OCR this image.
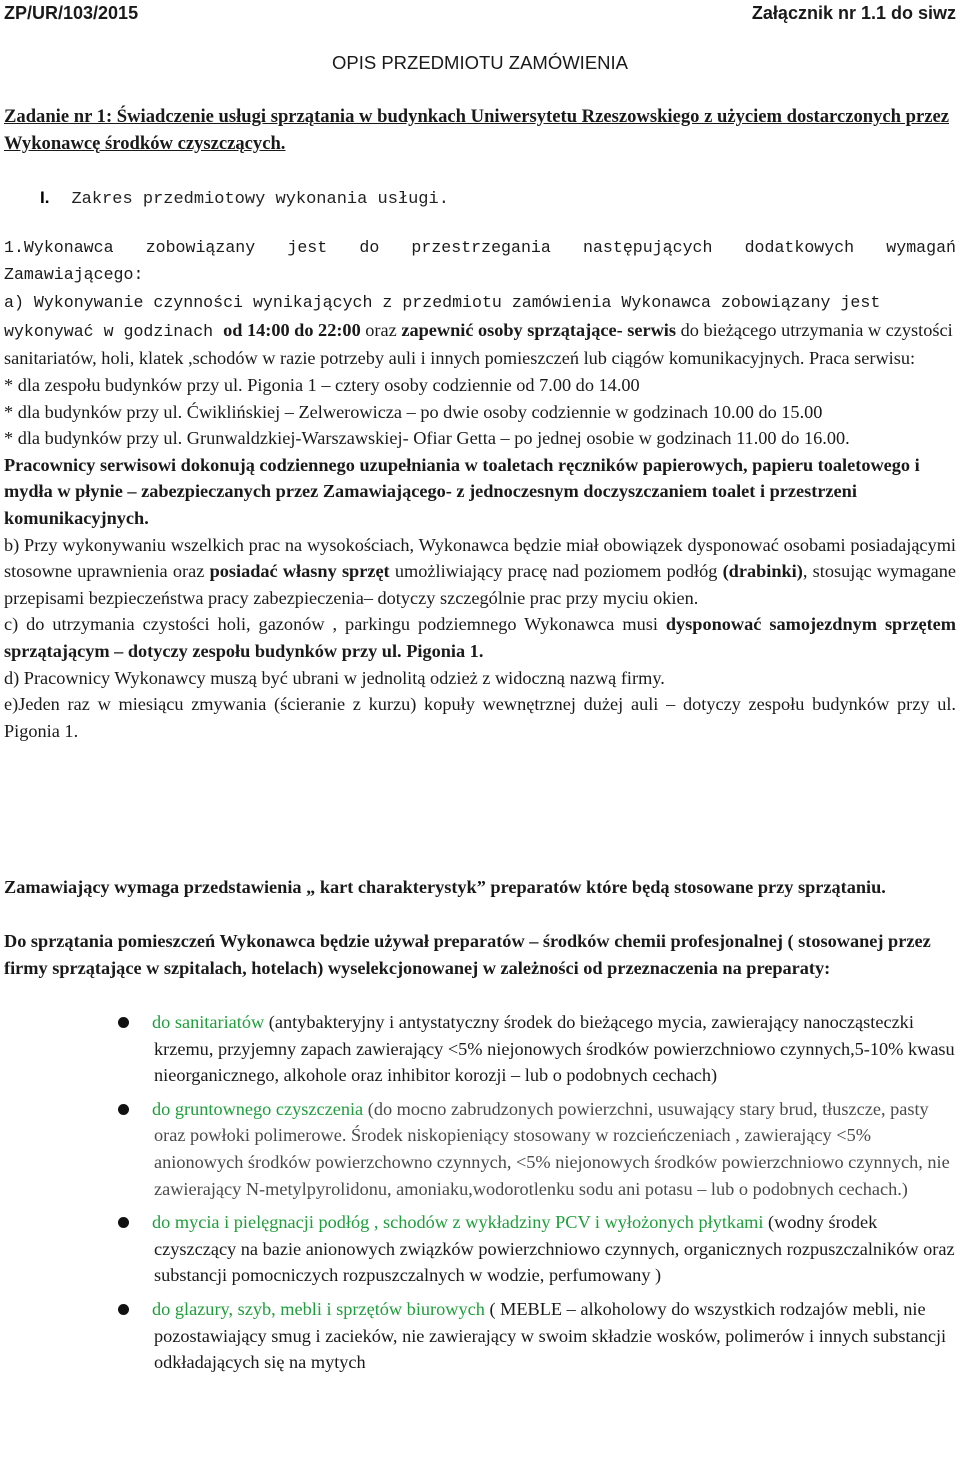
ZP/UR/103/2015	Załącznik nr 1.1 do siwz
OPIS PRZEDMIOTU ZAMÓWIENIA
Zadanie nr 1: Świadczenie usługi sprzątania w budynkach Uniwersytetu Rzeszowskiego z użyciem dostarczonych przez Wykonawcę środków czyszczących.
I. Zakres przedmiotowy wykonania usługi.
1.Wykonawca zobowiązany jest do przestrzegania następujących dodatkowych wymagań
Zamawiającego:

a) Wykonywanie czynności wynikających z przedmiotu zamówienia Wykonawca zobowiązany jest wykonywać w godzinach od 14:00 do 22:00 oraz zapewnić osoby sprzątające- serwis do bieżącego utrzymania w czystości sanitariatów, holi, klatek ,schodów w razie potrzeby auli i innych pomieszczeń lub ciągów komunikacyjnych. Praca serwisu:

* dla zespołu budynków przy ul. Pigonia 1 – cztery osoby codziennie od 7.00 do 14.00
* dla budynków przy ul. Ćwiklińskiej – Zelwerowicza – po dwie osoby codziennie w godzinach 10.00 do 15.00
* dla budynków przy ul. Grunwaldzkiej-Warszawskiej- Ofiar Getta – po jednej osobie w godzinach 11.00 do 16.00.

Pracownicy serwisowi dokonują codziennego uzupełniania w toaletach ręczników papierowych, papieru toaletowego i mydła w płynie – zabezpieczanych przez Zamawiającego- z jednoczesnym doczyszczaniem toalet i przestrzeni komunikacyjnych.

b) Przy wykonywaniu wszelkich prac na wysokościach, Wykonawca będzie miał obowiązek dysponować osobami posiadającymi stosowne uprawnienia oraz posiadać własny sprzęt umożliwiający pracę nad poziomem podłóg (drabinki), stosując wymagane przepisami bezpieczeństwa pracy zabezpieczenia– dotyczy szczególnie prac przy myciu okien.

c) do utrzymania czystości holi, gazonów , parkingu podziemnego Wykonawca musi dysponować samojezdnym sprzętem sprzątającym – dotyczy zespołu budynków przy ul. Pigonia 1.

d) Pracownicy Wykonawcy muszą być ubrani w jednolitą odzież z widoczną nazwą firmy.

e)Jeden raz w miesiącu zmywania (ścieranie z kurzu) kopuły wewnętrznej dużej auli – dotyczy zespołu budynków przy ul. Pigonia 1.

Zamawiający wymaga przedstawienia „ kart charakterystyk” preparatów które będą stosowane przy sprzątaniu.

Do sprzątania pomieszczeń Wykonawca będzie używał preparatów – środków chemii profesjonalnej ( stosowanej przez firmy sprzątające w szpitalach, hotelach) wyselekcjonowanej w zależności od przeznaczenia na preparaty:

do sanitariatów (antybakteryjny i antystatyczny środek do bieżącego mycia, zawierający nanocząsteczki krzemu, przyjemny zapach zawierający <5% niejonowych środków powierzchniowo czynnych,5-10% kwasu nieorganicznego, alkohole oraz inhibitor korozji – lub o podobnych cechach)
do gruntownego czyszczenia (do mocno zabrudzonych powierzchni, usuwający stary brud, tłuszcze, pasty oraz powłoki polimerowe. Środek niskopieniący stosowany w rozcieńczeniach , zawierający <5% anionowych środków powierzchowno czynnych, <5% niejonowych środków powierzchniowo czynnych, nie zawierający N-metylpyrolidonu, amoniaku,wodorotlenku sodu ani potasu – lub o podobnych cechach.)
do mycia i pielęgnacji podłóg , schodów z wykładziny PCV i wyłożonych płytkami (wodny środek czyszczący na bazie anionowych związków powierzchniowo czynnych, organicznych rozpuszczalników oraz substancji pomocniczych rozpuszczalnych w wodzie, perfumowany )
do glazury, szyb, mebli i sprzętów biurowych ( MEBLE – alkoholowy do wszystkich rodzajów mebli, nie pozostawiający smug i zacieków, nie zawierający w swoim składzie wosków, polimerów i innych substancji odkładających się na mytych
